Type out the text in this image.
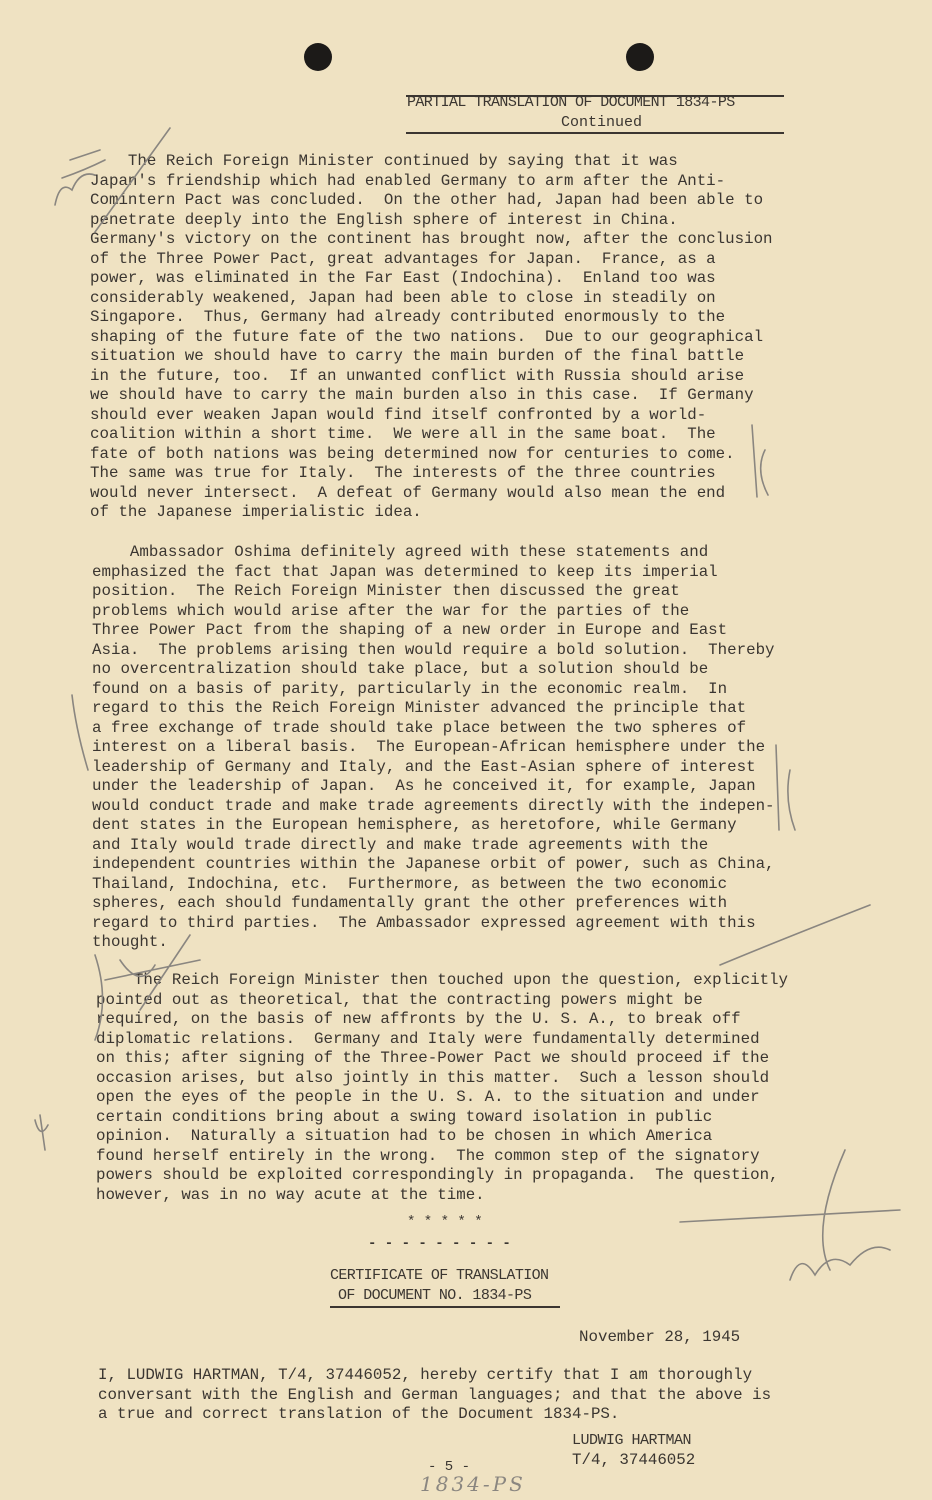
PARTIAL TRANSLATION OF DOCUMENT 1834-PS
Continued
The Reich Foreign Minister continued by saying that it was
Japan's friendship which had enabled Germany to arm after the Anti-
Comintern Pact was concluded.  On the other had, Japan had been able to
penetrate deeply into the English sphere of interest in China.
Germany's victory on the continent has brought now, after the conclusion
of the Three Power Pact, great advantages for Japan.  France, as a
power, was eliminated in the Far East (Indochina).  Enland too was
considerably weakened, Japan had been able to close in steadily on
Singapore.  Thus, Germany had already contributed enormously to the
shaping of the future fate of the two nations.  Due to our geographical
situation we should have to carry the main burden of the final battle
in the future, too.  If an unwanted conflict with Russia should arise
we should have to carry the main burden also in this case.  If Germany
should ever weaken Japan would find itself confronted by a world-
coalition within a short time.  We were all in the same boat.  The
fate of both nations was being determined now for centuries to come.
The same was true for Italy.  The interests of the three countries
would never intersect.  A defeat of Germany would also mean the end
of the Japanese imperialistic idea.
Ambassador Oshima definitely agreed with these statements and
emphasized the fact that Japan was determined to keep its imperial
position.  The Reich Foreign Minister then discussed the great
problems which would arise after the war for the parties of the
Three Power Pact from the shaping of a new order in Europe and East
Asia.  The problems arising then would require a bold solution.  Thereby
no overcentralization should take place, but a solution should be
found on a basis of parity, particularly in the economic realm.  In
regard to this the Reich Foreign Minister advanced the principle that
a free exchange of trade should take place between the two spheres of
interest on a liberal basis.  The European-African hemisphere under the
leadership of Germany and Italy, and the East-Asian sphere of interest
under the leadership of Japan.  As he conceived it, for example, Japan
would conduct trade and make trade agreements directly with the indepen-
dent states in the European hemisphere, as heretofore, while Germany
and Italy would trade directly and make trade agreements with the
independent countries within the Japanese orbit of power, such as China,
Thailand, Indochina, etc.  Furthermore, as between the two economic
spheres, each should fundamentally grant the other preferences with
regard to third parties.  The Ambassador expressed agreement with this
thought.
The Reich Foreign Minister then touched upon the question, explicitly
pointed out as theoretical, that the contracting powers might be
required, on the basis of new affronts by the U. S. A., to break off
diplomatic relations.  Germany and Italy were fundamentally determined
on this; after signing of the Three-Power Pact we should proceed if the
occasion arises, but also jointly in this matter.  Such a lesson should
open the eyes of the people in the U. S. A. to the situation and under
certain conditions bring about a swing toward isolation in public
opinion.  Naturally a situation had to be chosen in which America
found herself entirely in the wrong.  The common step of the signatory
powers should be exploited correspondingly in propaganda.  The question,
however, was in no way acute at the time.
* * * * *
- - - - - - - - -
CERTIFICATE OF TRANSLATION
OF DOCUMENT NO. 1834-PS
November 28, 1945
I, LUDWIG HARTMAN, T/4, 37446052, hereby certify that I am thoroughly
conversant with the English and German languages; and that the above is
a true and correct translation of the Document 1834-PS.
LUDWIG HARTMAN
T/4, 37446052
- 5 -
1834-PS
